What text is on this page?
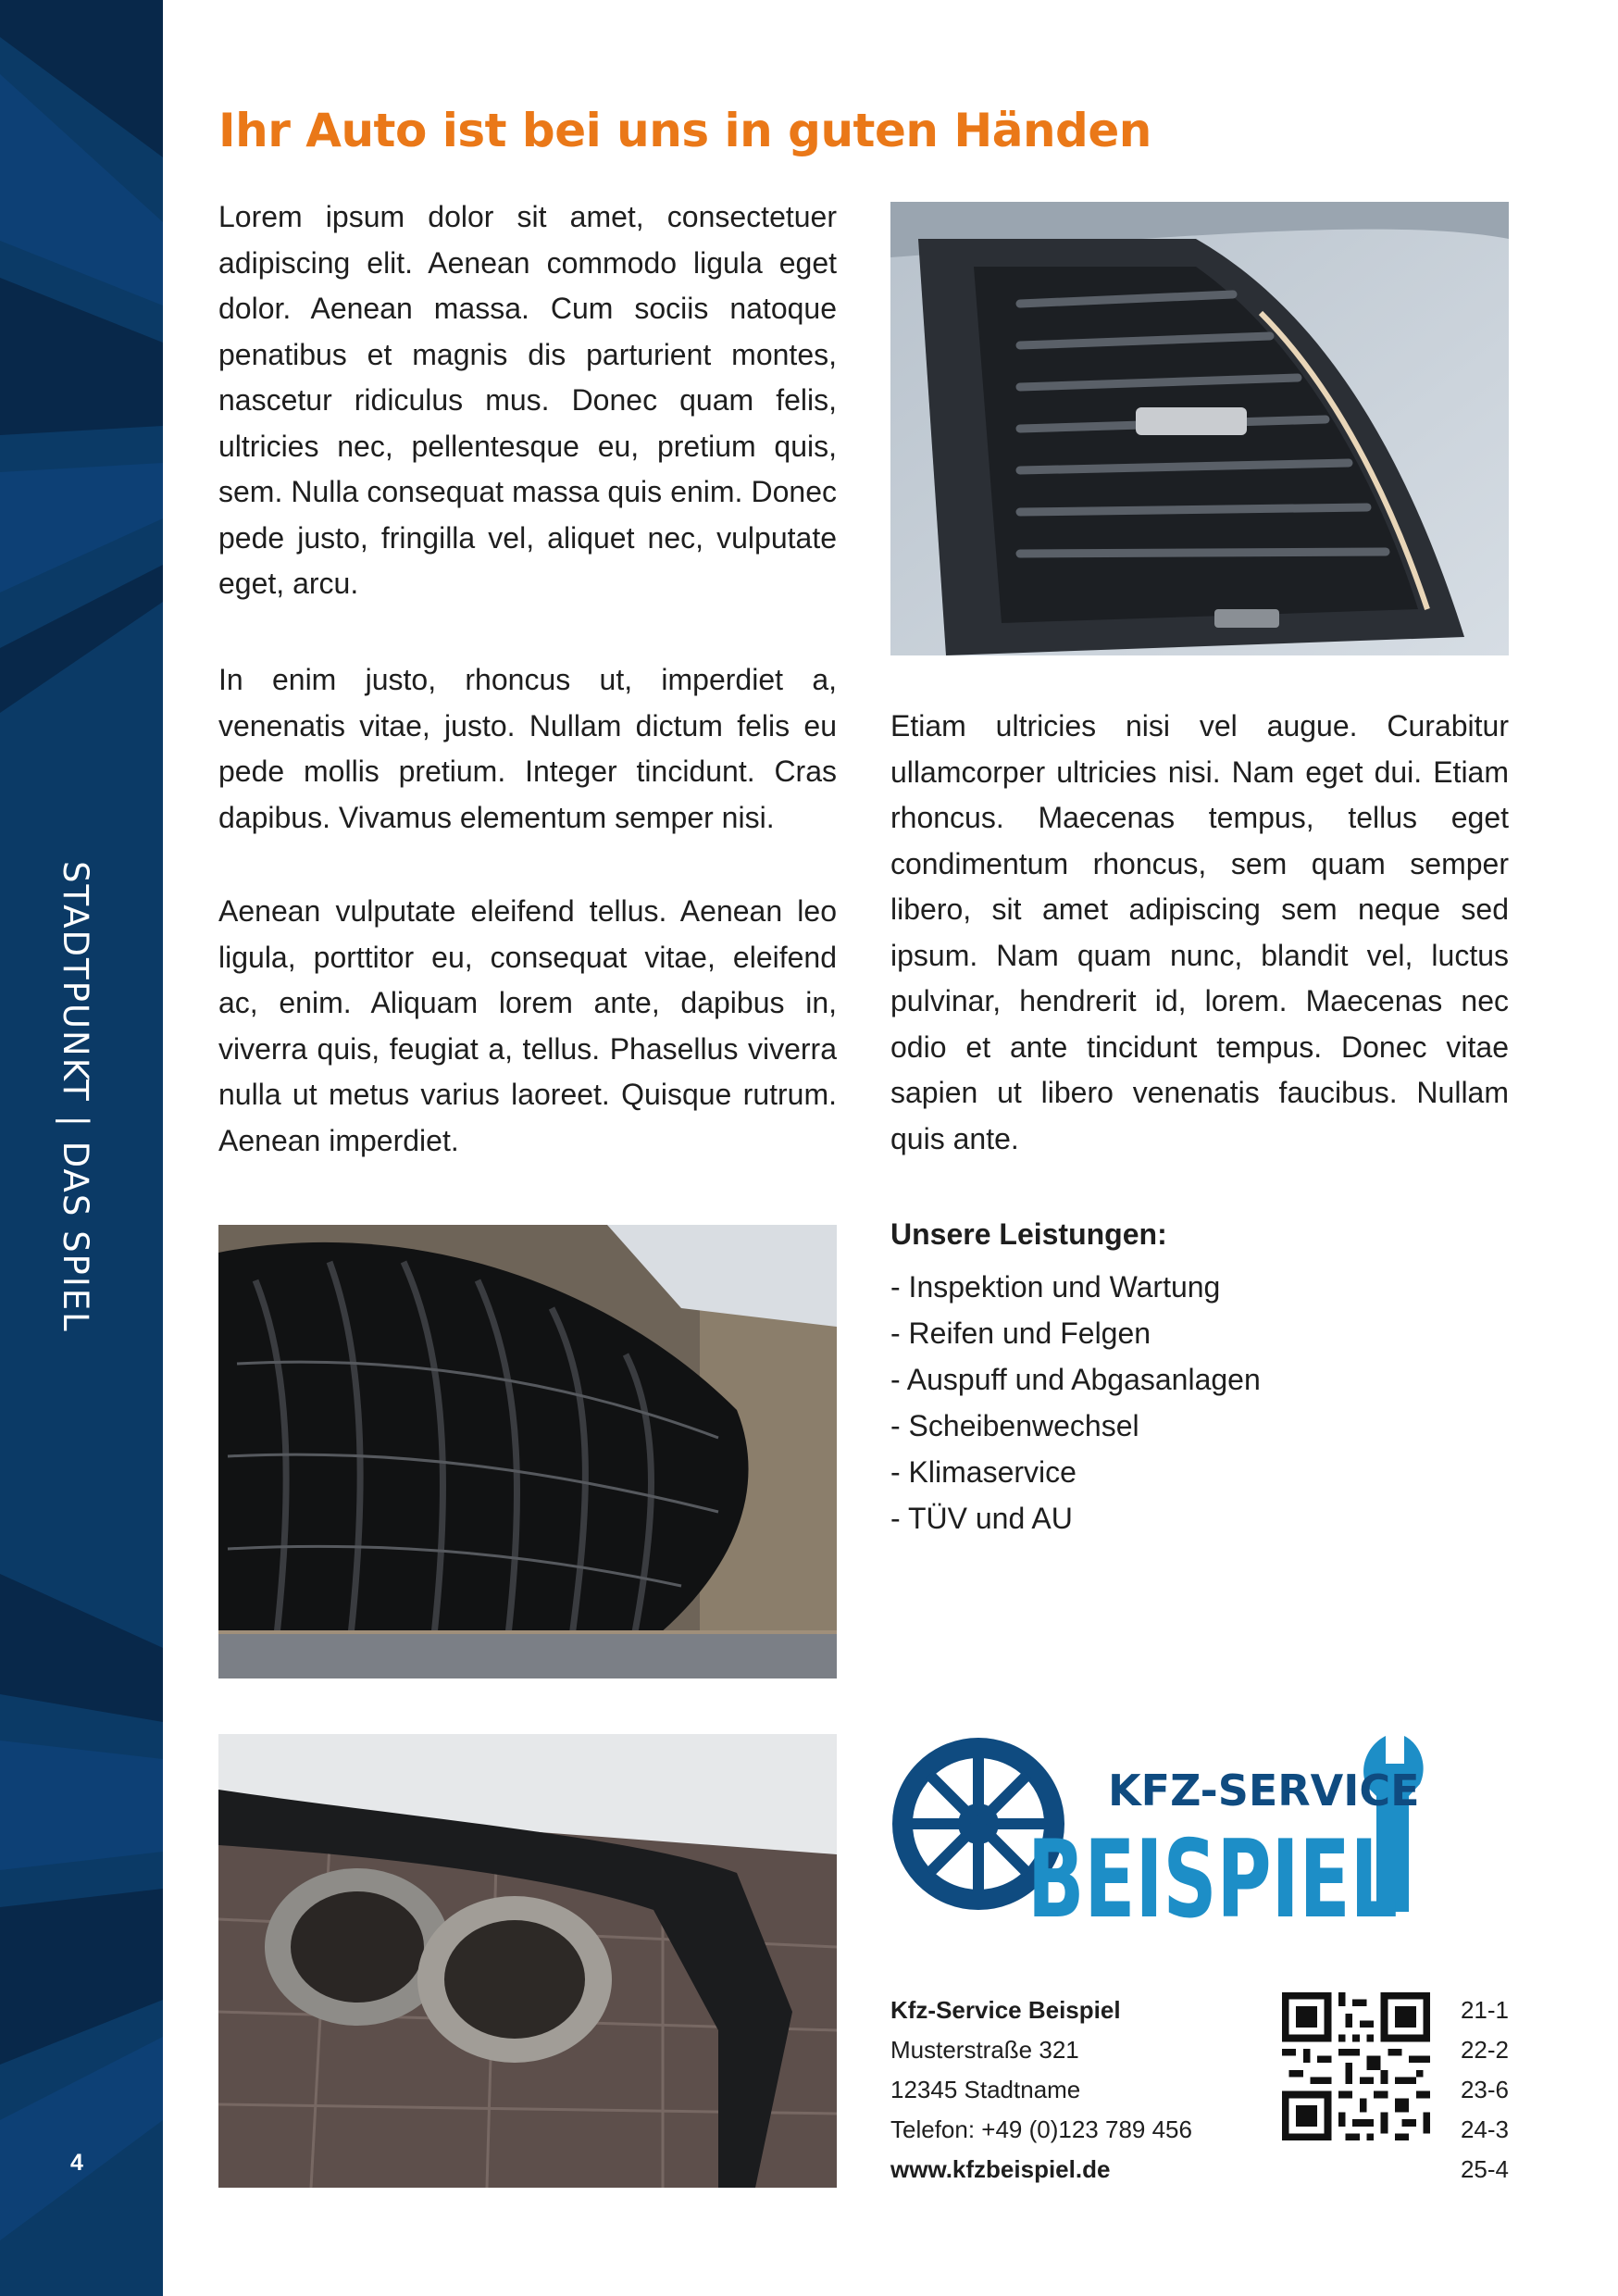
STADTPUNKT | DAS SPIEL
4
Ihr Auto ist bei uns in guten Händen

Lorem ipsum dolor sit amet, consectetuer adipiscing elit. Aenean commodo ligula eget dolor. Aenean massa. Cum sociis natoque penatibus et magnis dis parturient montes, nascetur ridiculus mus. Donec quam felis, ultricies nec, pellentesque eu, pretium quis, sem. Nulla consequat massa quis enim. Donec pede justo, fringilla vel, aliquet nec, vulputate eget, arcu.

In enim justo, rhoncus ut, imperdiet a, venenatis vitae, justo. Nullam dictum felis eu pede mollis pretium. Integer tincidunt. Cras dapibus. Vivamus elementum semper nisi.

Aenean vulputate eleifend tellus. Aenean leo ligula, porttitor eu, consequat vitae, eleifend ac, enim. Aliquam lorem ante, dapibus in, viverra quis, feugiat a, tellus. Phasellus viverra nulla ut metus varius laoreet. Quisque rutrum. Aenean imperdiet.

Etiam ultricies nisi vel augue. Curabitur ullamcorper ultricies nisi. Nam eget dui. Etiam rhoncus. Maecenas tempus, tellus eget condimentum rhoncus, sem quam semper libero, sit amet adipiscing sem neque sed ipsum. Nam quam nunc, blandit vel, luctus pulvinar, hendrerit id, lorem. Maecenas nec odio et ante tincidunt tempus. Donec vitae sapien ut libero venenatis faucibus. Nullam quis ante.

Unsere Leistungen:
- Inspektion und Wartung
- Reifen und Felgen
- Auspuff und Abgasanlagen
- Scheibenwechsel
- Klimaservice
- TÜV und AU
KFZ-SERVICE
BEISPIEL
Kfz-Service Beispiel
Musterstraße 321
12345 Stadtname
Telefon: +49 (0)123 789 456
www.kfzbeispiel.de
21-1
22-2
23-6
24-3
25-4
